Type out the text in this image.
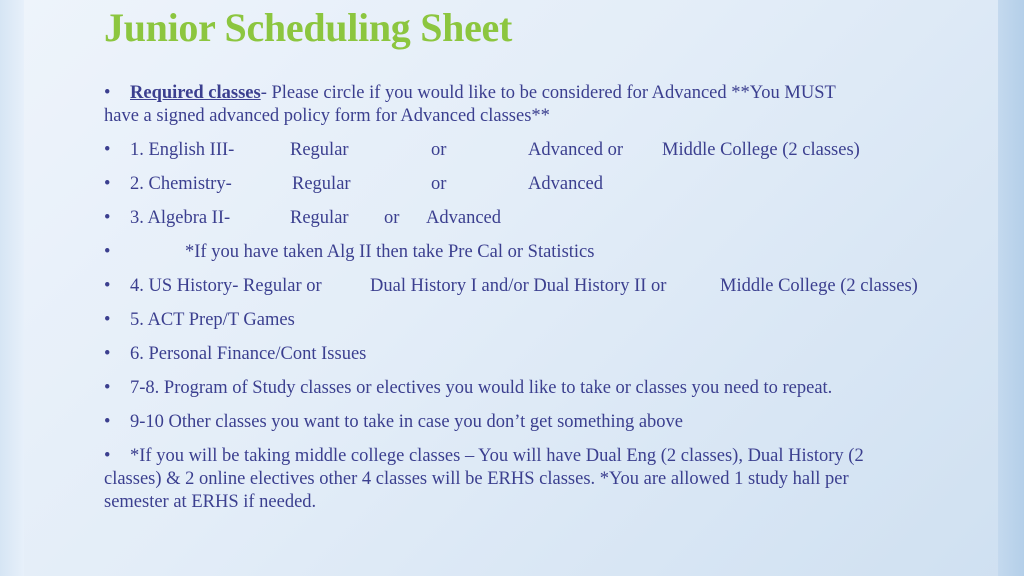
Junior Scheduling Sheet
• Required classes- Please circle if you would like to be considered for Advanced **You MUST
have a signed advanced policy form for Advanced classes**
• 1. English III-	Regular	or	Advanced or Middle College (2 classes)
• 2. Chemistry-	Regular	or	Advanced
• 3. Algebra II-	Regular or Advanced
•	*If you have taken Alg II then take Pre Cal or Statistics
• 4. US History- Regular or	Dual History I and/or Dual History II or	Middle College (2 classes)
• 5. ACT Prep/T Games
• 6. Personal Finance/Cont Issues
• 7-8. Program of Study classes or electives you would like to take or classes you need to repeat.
• 9-10 Other classes you want to take in case you don’t get something above
• *If you will be taking middle college classes – You will have Dual Eng (2 classes), Dual History (2
classes) & 2 online electives other 4 classes will be ERHS classes. *You are allowed 1 study hall per
semester at ERHS if needed.
